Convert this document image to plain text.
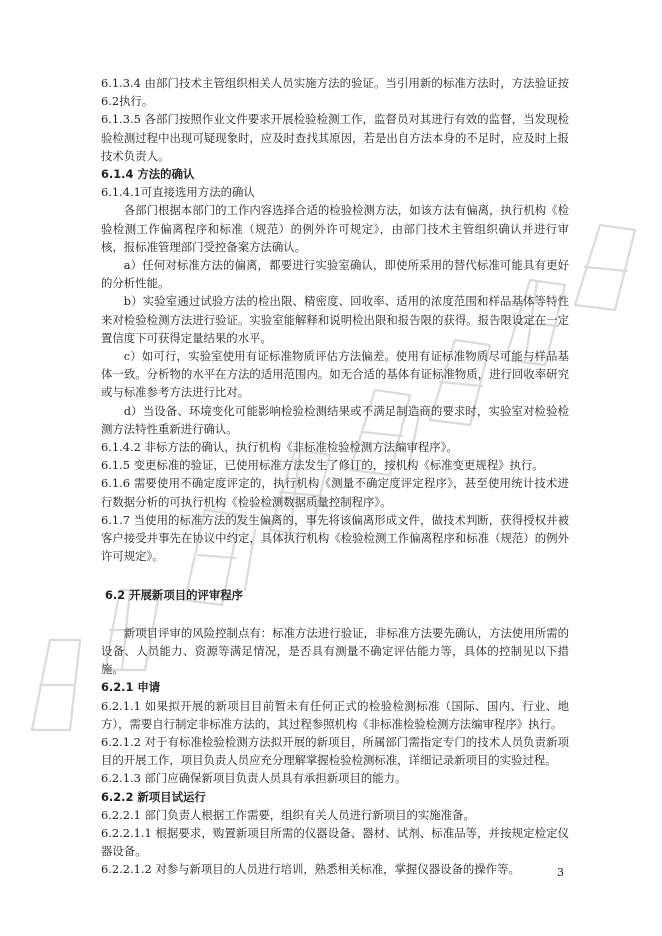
6.1.3.4 由部门技术主管组织相关人员实施方法的验证。当引用新的标准方法时，方法验证按6.2执行。

6.1.3.5 各部门按照作业文件要求开展检验检测工作，监督员对其进行有效的监督，当发现检验检测过程中出现可疑现象时，应及时查找其原因，若是出自方法本身的不足时，应及时上报技术负责人。

6.1.4 方法的确认

6.1.4.1可直接选用方法的确认

各部门根据本部门的工作内容选择合适的检验检测方法，如该方法有偏离，执行机构《检验检测工作偏离程序和标准（规范）的例外许可规定》，由部门技术主管组织确认并进行审核，报标准管理部门受控备案方法确认。

a）任何对标准方法的偏离，都要进行实验室确认，即使所采用的替代标准可能具有更好的分析性能。

b）实验室通过试验方法的检出限、精密度、回收率、适用的浓度范围和样品基体等特性来对检验检测方法进行验证。实验室能解释和说明检出限和报告限的获得。报告限设定在一定置信度下可获得定量结果的水平。

c）如可行，实验室使用有证标准物质评估方法偏差。使用有证标准物质尽可能与样品基体一致。分析物的水平在方法的适用范围内。如无合适的基体有证标准物质，进行回收率研究或与标准参考方法进行比对。

d）当设备、环境变化可能影响检验检测结果或不满足制造商的要求时，实验室对检验检测方法特性重新进行确认。

6.1.4.2 非标方法的确认，执行机构《非标准检验检测方法编审程序》。

6.1.5 变更标准的验证，已使用标准方法发生了修订的，按机构《标准变更规程》执行。

6.1.6 需要使用不确定度评定的，执行机构《测量不确定度评定程序》，甚至使用统计技术进行数据分析的可执行机构《检验检测数据质量控制程序》。

6.1.7 当使用的标准方法的发生偏离的，事先将该偏离形成文件，做技术判断，获得授权并被客户接受并事先在协议中约定，具体执行机构《检验检测工作偏离程序和标准（规范）的例外许可规定》。

6.2 开展新项目的评审程序

新项目评审的风险控制点有：标准方法进行验证，非标准方法要先确认，方法使用所需的设备、人员能力、资源等满足情况，是否具有测量不确定评估能力等，具体的控制见以下措施。

6.2.1 申请

6.2.1.1 如果拟开展的新项目目前暂未有任何正式的检验检测标准（国际、国内、行业、地方），需要自行制定非标准方法的，其过程参照机构《非标准检验检测方法编审程序》执行。

6.2.1.2 对于有标准检验检测方法拟开展的新项目，所属部门需指定专门的技术人员负责新项目的开展工作，项目负责人员应充分理解掌握检验检测标准，详细记录新项目的实验过程。

6.2.1.3 部门应确保新项目负责人员具有承担新项目的能力。

6.2.2 新项目试运行

6.2.2.1 部门负责人根据工作需要，组织有关人员进行新项目的实施准备。

6.2.2.1.1 根据要求，购置新项目所需的仪器设备、器材、试剂、标准品等，并按规定检定仪器设备。

6.2.2.1.2 对参与新项目的人员进行培训，熟悉相关标准，掌握仪器设备的操作等。	3
